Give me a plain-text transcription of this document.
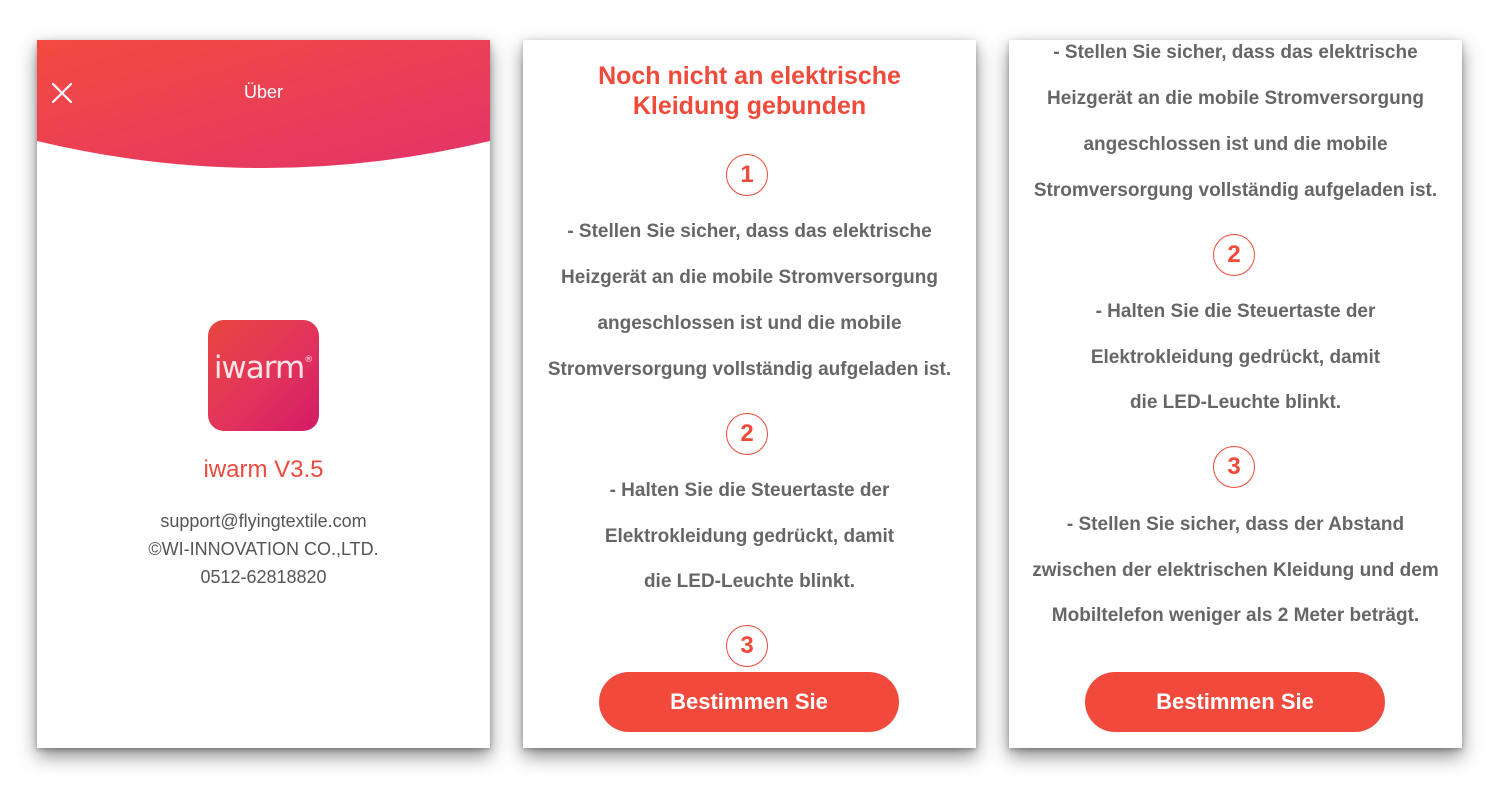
Über
iwarm®
iwarm V3.5
support@flyingtextile.com
©WI-INNOVATION CO.,LTD.
0512-62818820
Noch nicht an elektrische
Kleidung gebunden
1
- Stellen Sie sicher, dass das elektrische
Heizgerät an die mobile Stromversorgung
angeschlossen ist und die mobile
Stromversorgung vollständig aufgeladen ist.
2
- Halten Sie die Steuertaste der
Elektrokleidung gedrückt, damit
die LED-Leuchte blinkt.
3
Bestimmen Sie
- Stellen Sie sicher, dass das elektrische
Heizgerät an die mobile Stromversorgung
angeschlossen ist und die mobile
Stromversorgung vollständig aufgeladen ist.
2
- Halten Sie die Steuertaste der
Elektrokleidung gedrückt, damit
die LED-Leuchte blinkt.
3
- Stellen Sie sicher, dass der Abstand
zwischen der elektrischen Kleidung und dem
Mobiltelefon weniger als 2 Meter beträgt.
Bestimmen Sie
